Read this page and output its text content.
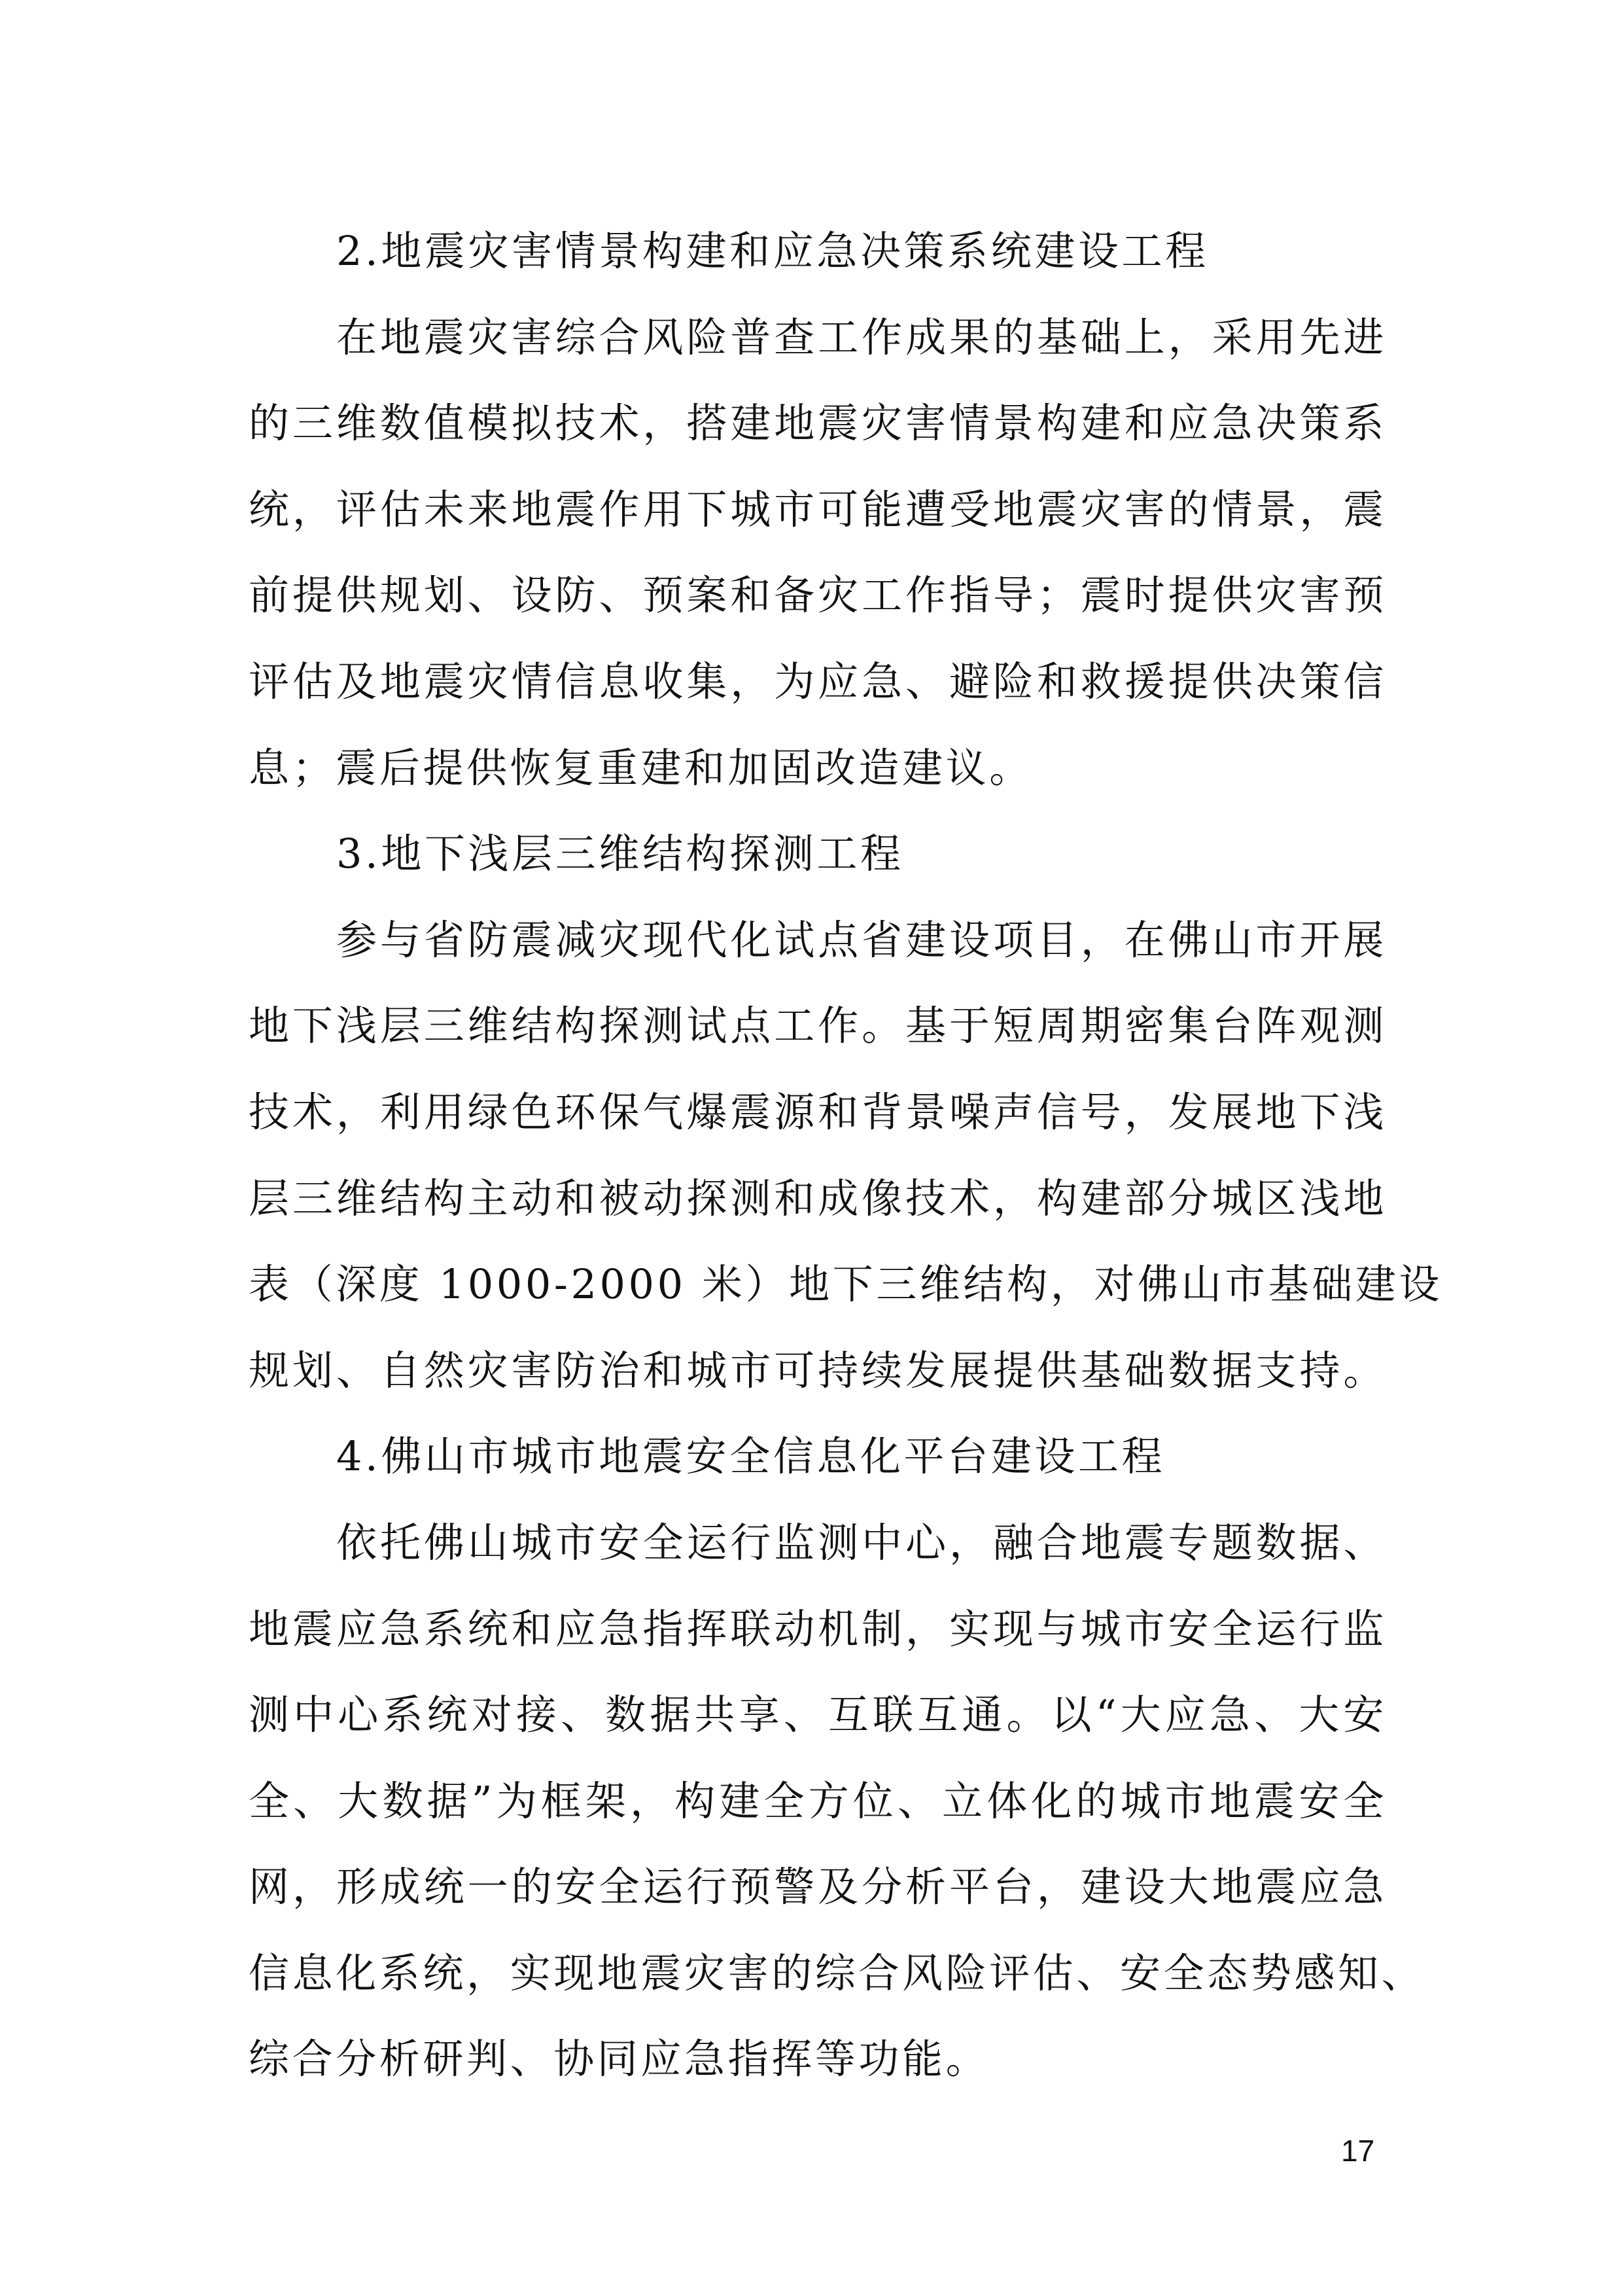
2.地震灾害情景构建和应急决策系统建设工程

在地震灾害综合风险普查工作成果的基础上，采用先进

的三维数值模拟技术，搭建地震灾害情景构建和应急决策系

统，评估未来地震作用下城市可能遭受地震灾害的情景，震

前提供规划、设防、预案和备灾工作指导；震时提供灾害预

评估及地震灾情信息收集，为应急、避险和救援提供决策信

息；震后提供恢复重建和加固改造建议。

3.地下浅层三维结构探测工程

参与省防震减灾现代化试点省建设项目，在佛山市开展

地下浅层三维结构探测试点工作。基于短周期密集台阵观测

技术，利用绿色环保气爆震源和背景噪声信号，发展地下浅

层三维结构主动和被动探测和成像技术，构建部分城区浅地

表（深度 1000-2000 米）地下三维结构，对佛山市基础建设

规划、自然灾害防治和城市可持续发展提供基础数据支持。

4.佛山市城市地震安全信息化平台建设工程

依托佛山城市安全运行监测中心，融合地震专题数据、

地震应急系统和应急指挥联动机制，实现与城市安全运行监

测中心系统对接、数据共享、互联互通。以“大应急、大安

全、大数据”为框架，构建全方位、立体化的城市地震安全

网，形成统一的安全运行预警及分析平台，建设大地震应急

信息化系统，实现地震灾害的综合风险评估、安全态势感知、

综合分析研判、协同应急指挥等功能。

17
